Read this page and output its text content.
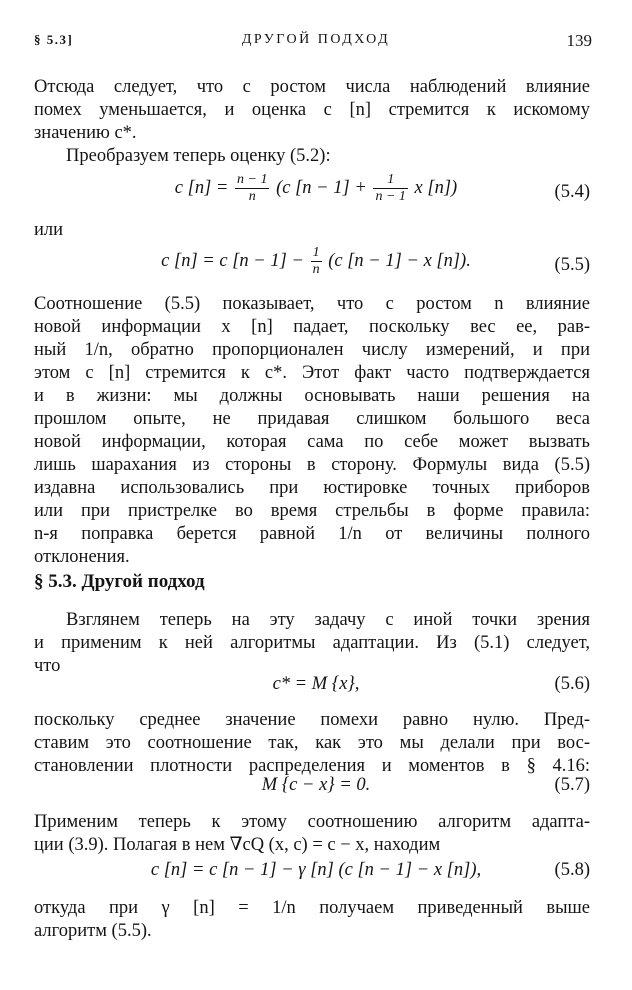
§ 5.3]	ДРУГОЙ ПОДХОД	139
Отсюда следует, что с ростом числа наблюдений влияние
помех уменьшается, и оценка c [n] стремится к искомому
значению c*.
Преобразуем теперь оценку (5.2):
c $[n] = \frac{n - 1}{n} (c$ $[n - 1] + \frac{1}{n - 1}$ x [n])	(5.4)
или
c [n] = c $[n - 1] - \frac{1}{n} (c$ [n − 1] − x [n]).	(5.5)
Соотношение (5.5) показывает, что с ростом n влияние
новой информации x [n] падает, поскольку вес ее, рав-
ный 1/n, обратно пропорционален числу измерений, и при
этом c [n] стремится к c*. Этот факт часто подтверждается
и в жизни: мы должны основывать наши решения на
прошлом опыте, не придавая слишком большого веса
новой информации, которая сама по себе может вызвать
лишь шарахания из стороны в сторону. Формулы вида (5.5)
издавна использовались при юстировке точных приборов
или при пристрелке во время стрельбы в форме правила:
n-я поправка берется равной 1/n от величины полного
отклонения.
§ 5.3. Другой подход
Взглянем теперь на эту задачу с иной точки зрения
и применим к ней алгоритмы адаптации. Из (5.1) следует,
что
c* = M {x},	(5.6)
поскольку среднее значение помехи равно нулю. Пред-
ставим это соотношение так, как это мы делали при вос-
становлении плотности распределения и моментов в § 4.16:
M {c − x} = 0.	(5.7)
Применим теперь к этому соотношению алгоритм адапта-
ции (3.9). Полагая в нем ∇cQ (x, c) = c − x, находим
c [n] = c [n − 1] − γ [n] (c [n − 1] − x [n]),	(5.8)
откуда при γ [n] = 1/n получаем приведенный выше
алгоритм (5.5).
